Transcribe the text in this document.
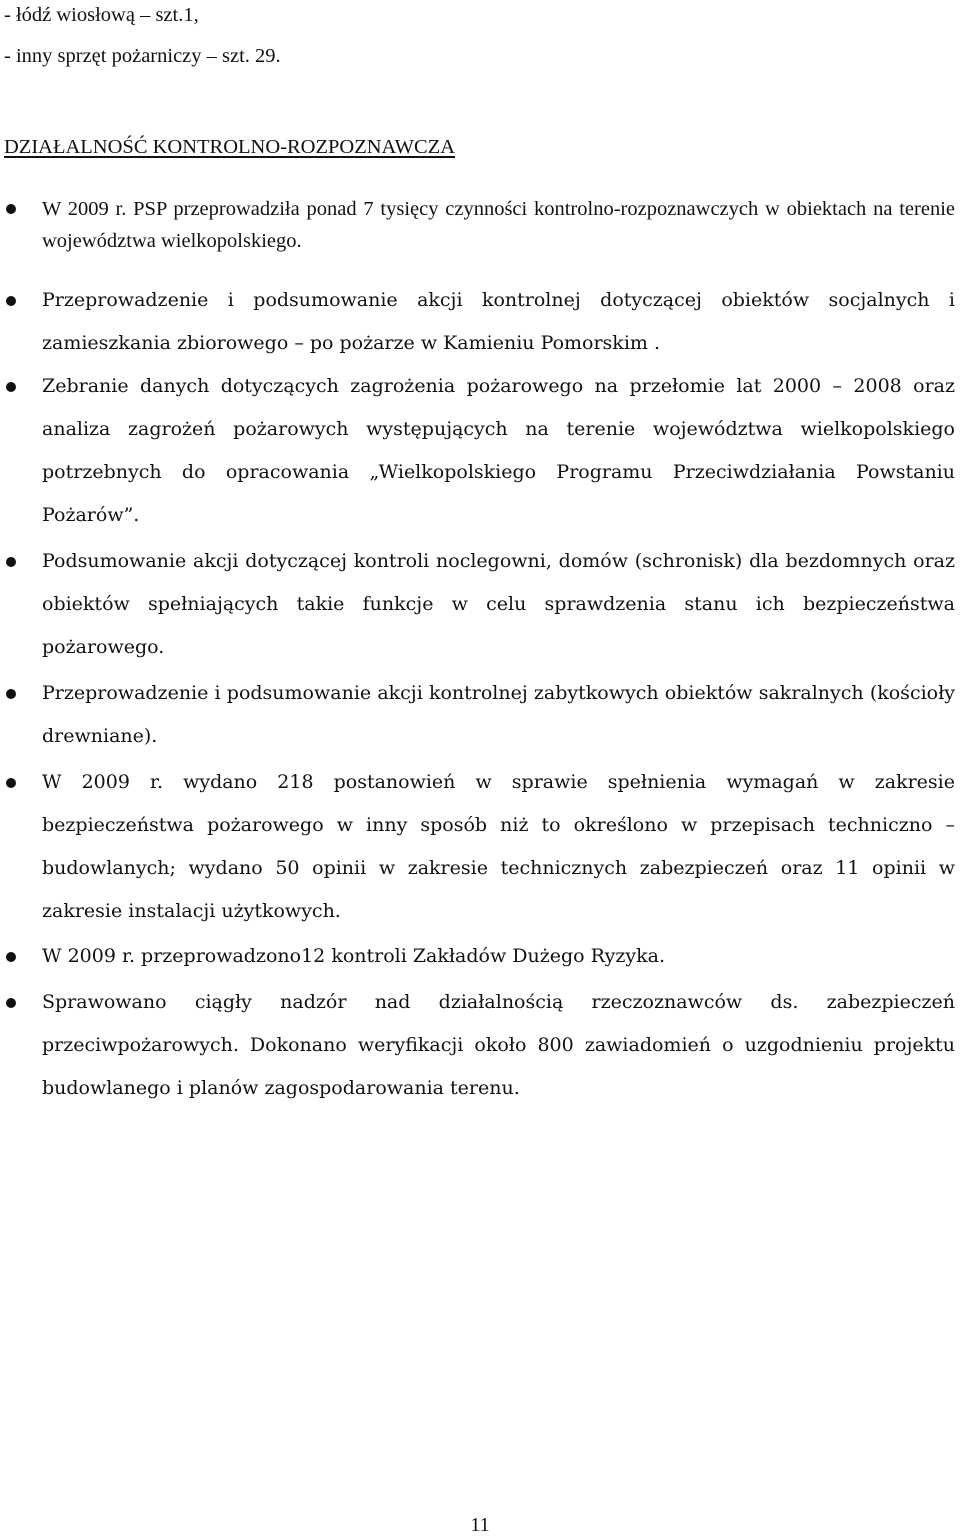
- łódź wiosłową – szt.1,
- inny sprzęt pożarniczy – szt. 29.
DZIAŁALNOŚĆ KONTROLNO-ROZPOZNAWCZA
W 2009 r. PSP przeprowadziła ponad 7 tysięcy czynności kontrolno-rozpoznawczych w obiektach na terenie województwa wielkopolskiego.
Przeprowadzenie i podsumowanie akcji kontrolnej dotyczącej obiektów socjalnych i zamieszkania zbiorowego – po pożarze w Kamieniu Pomorskim .
Zebranie danych dotyczących zagrożenia pożarowego na przełomie lat 2000 – 2008 oraz analiza zagrożeń pożarowych występujących na terenie województwa wielkopolskiego potrzebnych do opracowania „Wielkopolskiego Programu Przeciwdziałania Powstaniu Pożarów”.
Podsumowanie akcji dotyczącej kontroli noclegowni, domów (schronisk) dla bezdomnych oraz obiektów spełniających takie funkcje w celu sprawdzenia stanu ich bezpieczeństwa pożarowego.
Przeprowadzenie i podsumowanie akcji kontrolnej zabytkowych obiektów sakralnych (kościoły drewniane).
W 2009 r. wydano 218 postanowień w sprawie spełnienia wymagań w zakresie bezpieczeństwa pożarowego w inny sposób niż to określono w przepisach techniczno – budowlanych; wydano 50 opinii w zakresie technicznych zabezpieczeń oraz 11 opinii w zakresie instalacji użytkowych.
W 2009 r. przeprowadzono12 kontroli Zakładów Dużego Ryzyka.
Sprawowano ciągły nadzór nad działalnością rzeczoznawców ds. zabezpieczeń przeciwpożarowych. Dokonano weryfikacji około 800 zawiadomień o uzgodnieniu projektu budowlanego i planów zagospodarowania terenu.
11
